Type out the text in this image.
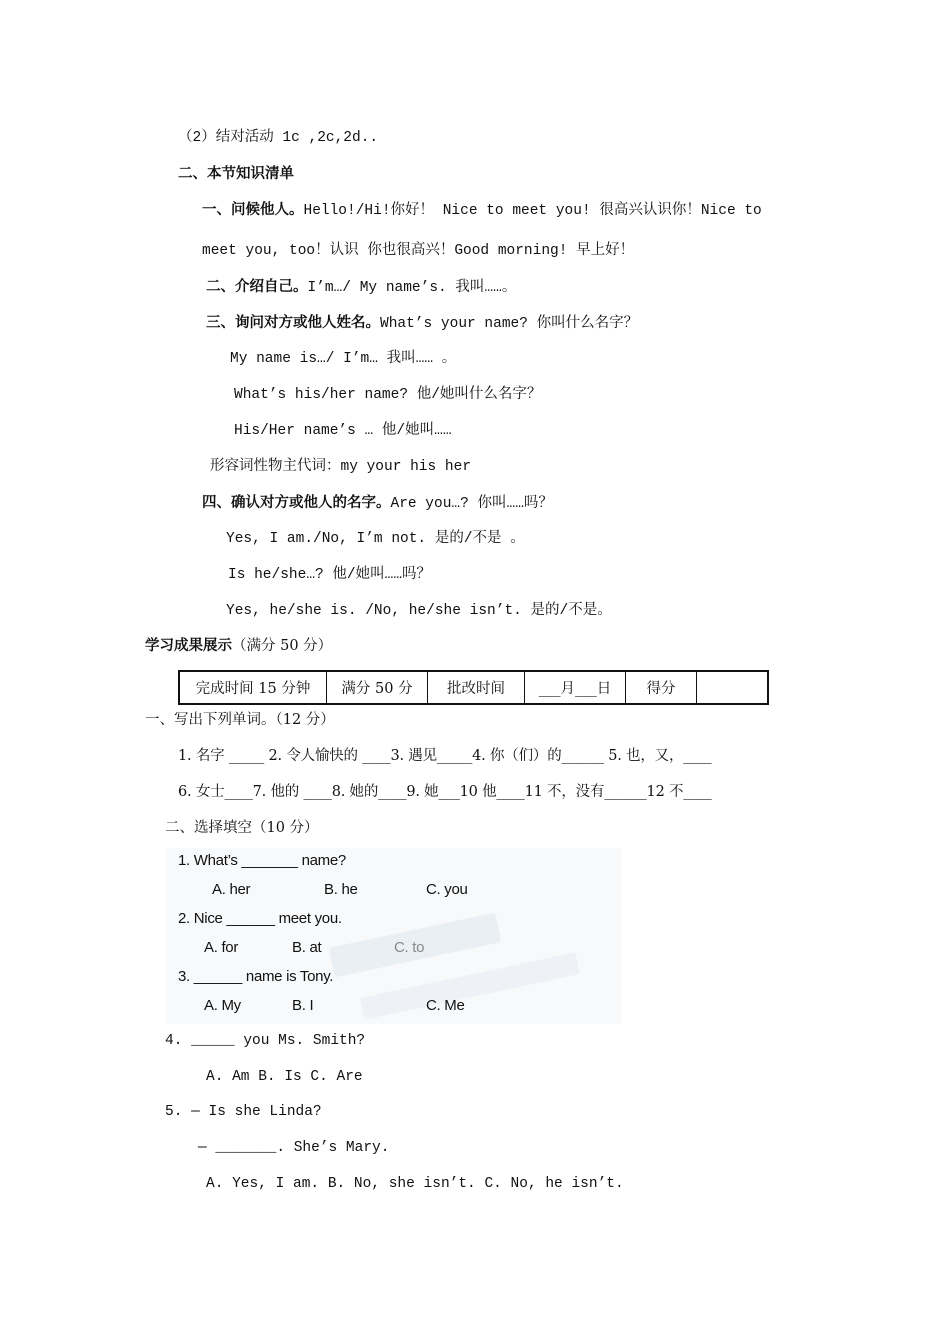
（2）结对活动 1c ,2c,2d..
二、本节知识清单
一、问候他人。Hello!/Hi!你好！ Nice to meet you! 很高兴认识你！Nice to
meet you, too！认识 你也很高兴！Good morning! 早上好！
二、介绍自己。I’m…/ My name’s. 我叫……。
三、询问对方或他人姓名。What’s your name? 你叫什么名字？
My name is…/ I’m… 我叫…… 。
What’s his/her name? 他/她叫什么名字？
His/Her name’s … 他/她叫……
形容词性物主代词：my your his her
四、确认对方或他人的名字。Are you…? 你叫……吗？
Yes, I am./No, I’m not. 是的/不是 。
Is he/she…? 他/她叫……吗？
Yes, he/she is. /No, he/she isn’t. 是的/不是。
学习成果展示（满分 50 分）
完成时间 15 分钟	满分 50 分	批改时间	___月___日	得分	
一、写出下列单词。（12 分）
1. 名字 _____ 2. 令人愉快的 ____3. 遇见_____4. 你（们）的______ 5. 也，又，____
6. 女士____7. 他的 ____8. 她的____9. 她___10 他____11 不，没有______12 不____
二、选择填空（10 分）
1. What’s _______ name?
A. her	B. he	C. you
2. Nice ______ meet you.
A. for	B. at	C. to
3. ______ name is Tony.
A. My	B. I	C. Me
4. _____ you Ms. Smith?
A. Am B. Is C. Are
5. — Is she Linda?
— _______. She’s Mary.
A. Yes, I am. B. No, she isn’t. C. No, he isn’t.
